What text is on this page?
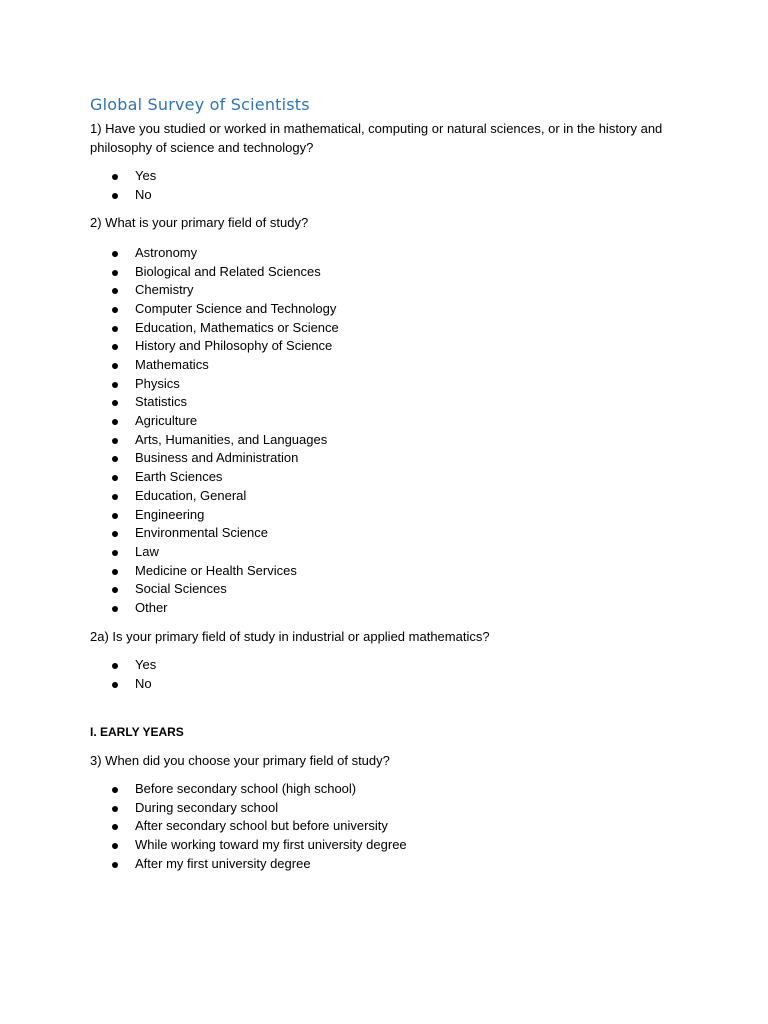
Global Survey of Scientists

1) Have you studied or worked in mathematical, computing or natural sciences, or in the history and philosophy of science and technology?

Yes
No

2) What is your primary field of study?

Astronomy
Biological and Related Sciences
Chemistry
Computer Science and Technology
Education, Mathematics or Science
History and Philosophy of Science
Mathematics
Physics
Statistics
Agriculture
Arts, Humanities, and Languages
Business and Administration
Earth Sciences
Education, General
Engineering
Environmental Science
Law
Medicine or Health Services
Social Sciences
Other

2a) Is your primary field of study in industrial or applied mathematics?

Yes
No

I. EARLY YEARS

3) When did you choose your primary field of study?

Before secondary school (high school)
During secondary school
After secondary school but before university
While working toward my first university degree
After my first university degree
